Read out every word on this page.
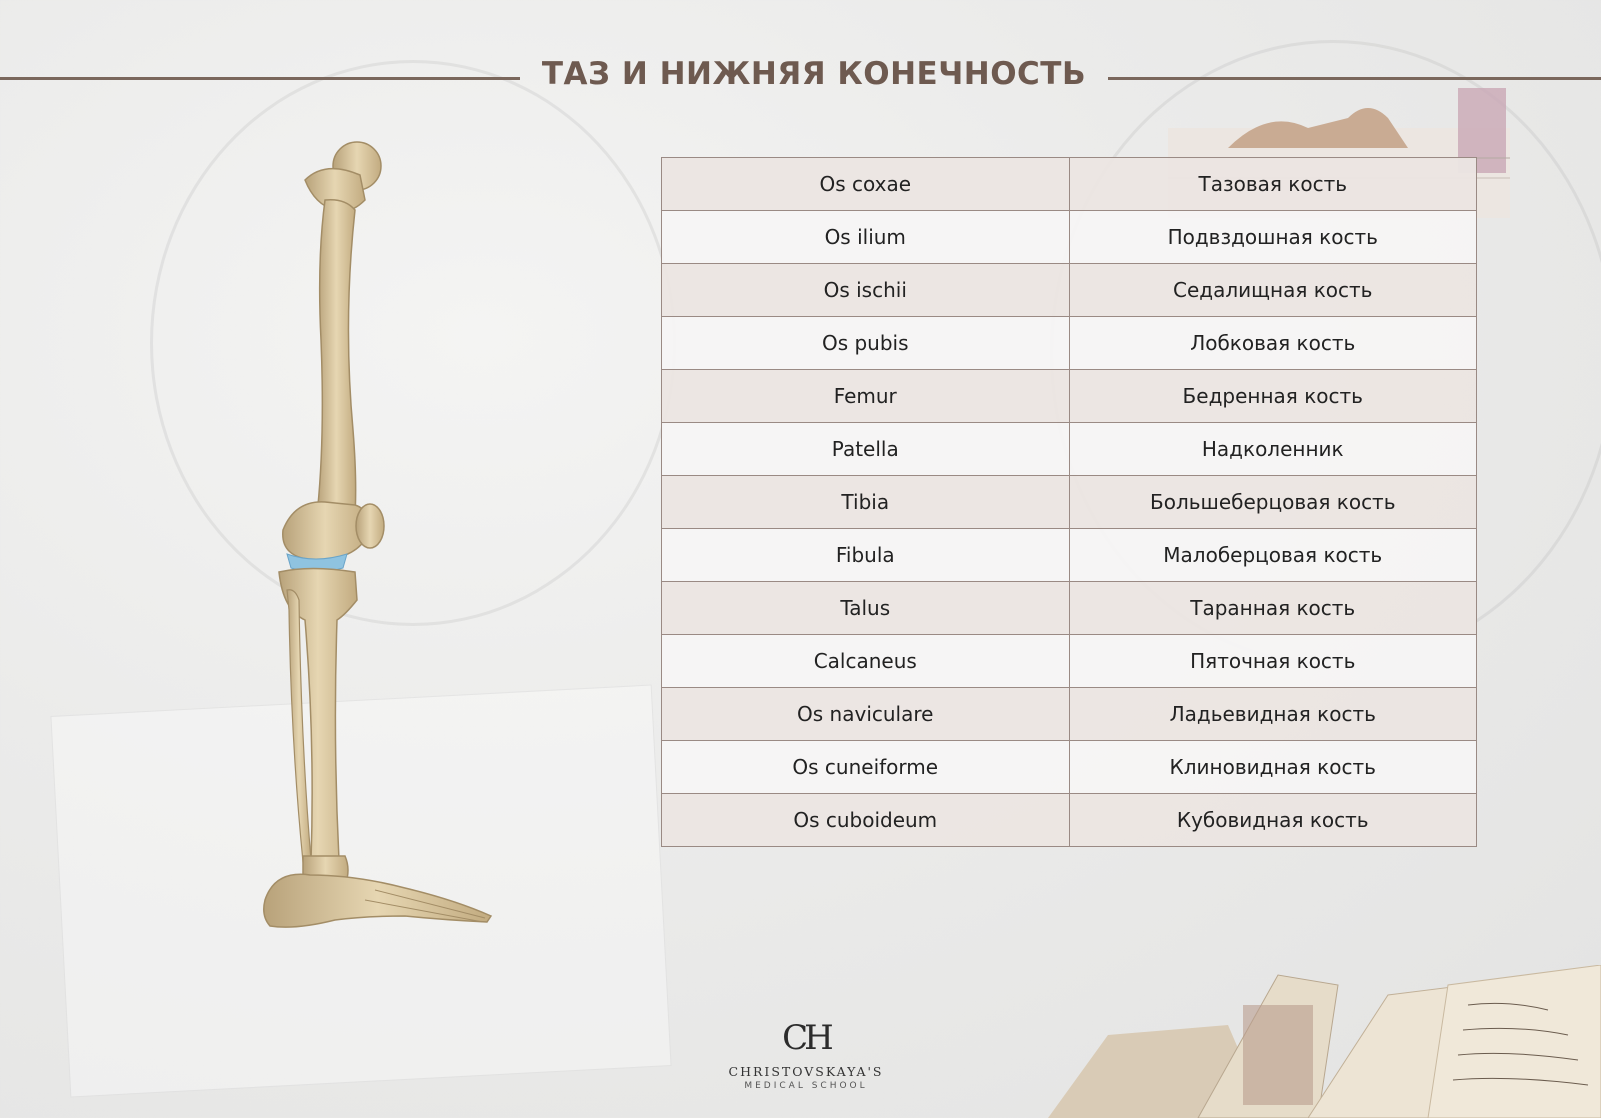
ТАЗ И НИЖНЯЯ КОНЕЧНОСТЬ
Os coxae	Тазовая кость
Os ilium	Подвздошная кость
Os ischii	Седалищная кость
Os pubis	Лобковая кость
Femur	Бедренная кость
Patella	Надколенник
Tibia	Большеберцовая кость
Fibula	Малоберцовая кость
Talus	Таранная кость
Calcaneus	Пяточная кость
Os naviculare	Ладьевидная кость
Os cuneiforme	Клиновидная кость
Os cuboideum	Кубовидная кость
CH
CHRISTOVSKAYA'S
MEDICAL SCHOOL
